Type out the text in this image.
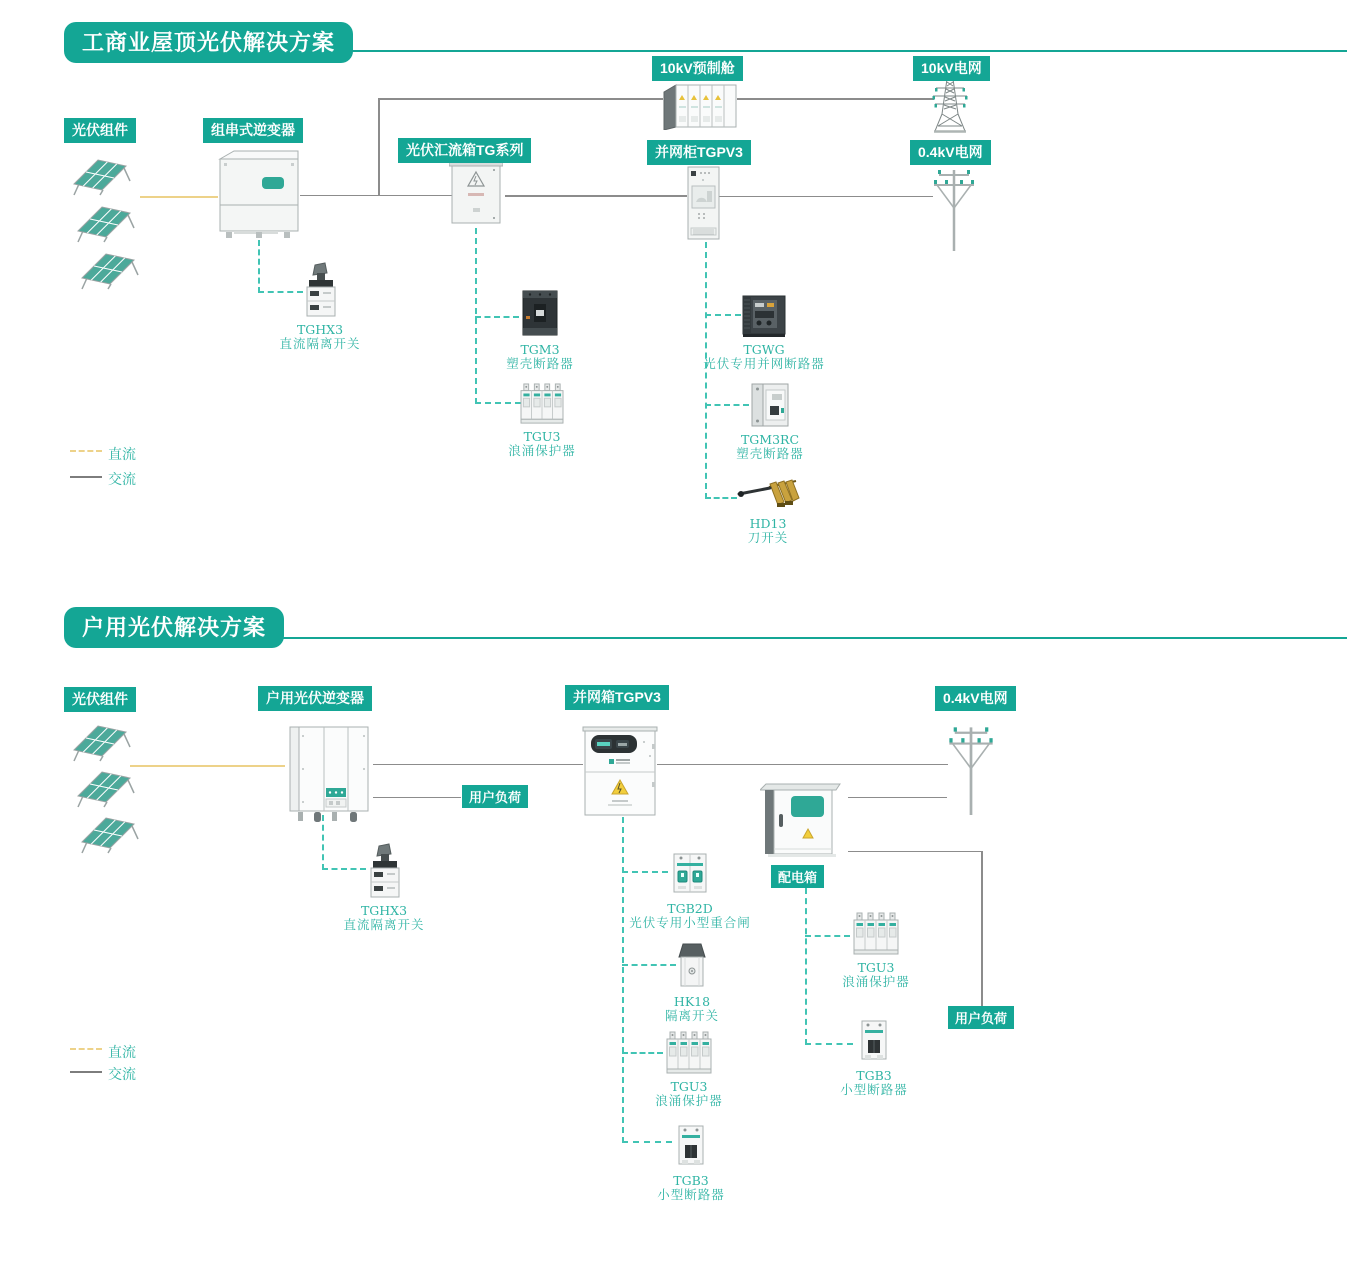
工商业屋顶光伏解决方案
光伏组件	组串式逆变器
光伏汇流箱TG系列
10kV预制舱	10kV电网
并网柜TGPV3	0.4kV电网
TGHX3
直流隔离开关	TGM3
塑壳断路器
TGU3
浪涌保护器
TGWG
光伏专用并网断路器
TGM3RC
塑壳断路器
HD13
刀开关
直流
交流
户用光伏解决方案
光伏组件	户用光伏逆变器	并网箱TGPV3	0.4kV电网
用户负荷
配电箱
用户负荷
TGHX3
直流隔离开关
TGB2D
光伏专用小型重合闸
HK18
隔离开关
TGU3
浪涌保护器
TGB3
小型断路器
TGU3
浪涌保护器
TGB3
小型断路器
直流
交流
